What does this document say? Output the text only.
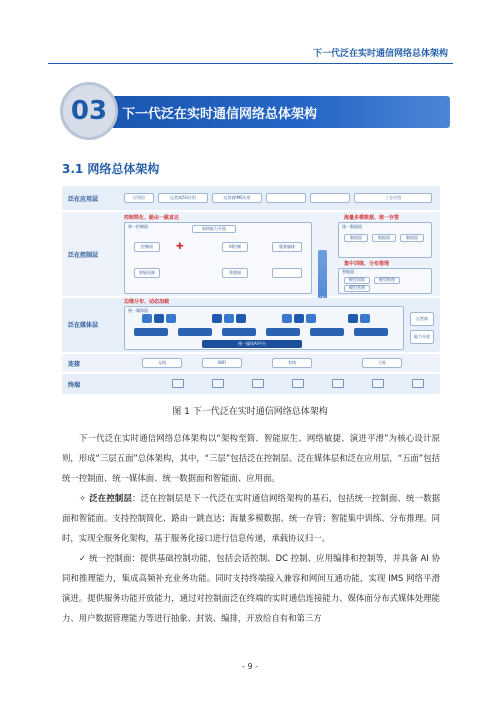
下一代泛在实时通信网络总体架构
03	下一代泛在实时通信网络总体架构
3.1 网络总体架构
泛在应用层	应用层	运营商5G应用	运营商IMS应用	三方应用
泛在控制层
控制简化、路由一跳直达	海量多模数据、统一存管
统一控制面	网络能力开放
控制面	AI控制	服务编排
智能资源	管理面
✚
统一数据面
数据面	数据面	数据面
集中训练、分布推理
智能面
模型训练	模型推理
模型管理
泛在媒体层
边缘分布、动态加载
统一媒体面
统一媒体AI平台
运营商
能力开放
连接	无线	WiFi	有线	卫星
终端
图 1 下一代泛在实时通信网络总体架构

下一代泛在实时通信网络总体架构以“架构至简、智能原生、网络敏捷、演进平滑”为核心设计原则，形成“三层五面”总体架构，其中，“三层”包括泛在控制层、泛在媒体层和泛在应用层，“五面”包括统一控制面、统一媒体面、统一数据面和智能面、应用面。

✧ 泛在控制层：泛在控制层是下一代泛在实时通信网络架构的基石，包括统一控制面、统一数据面和智能面。支持控制简化、路由一跳直达；海量多模数据、统一存管；智能集中训练、分布推理。同时，实现全服务化架构，基于服务化接口进行信息传递，承载协议归一。

✓ 统一控制面：提供基础控制功能，包括会话控制、DC 控制、应用编排和控制等，并具备 AI 协同和推理能力，集成高频补充业务功能。同时支持终端接入兼容和网间互通功能，实现 IMS 网络平滑演进。提供服务功能开放能力，通过对控制面泛在终端的实时通信连接能力、媒体面分布式媒体处理能力、用户数据管理能力等进行抽象、封装、编排，开放给自有和第三方

- 9 -
